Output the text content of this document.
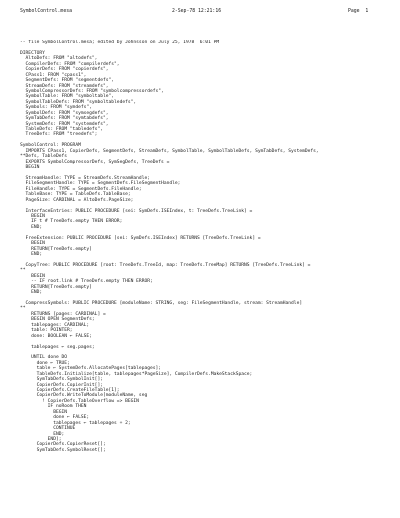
SymbolControl.mesa	2-Sep-78 12:21:16	Page 1
-- file SymbolControl.mesa; edited by Johnsson on July 25, 1978  6:01 PM
DIRECTORY
AltoDefs: FROM "altodefs",
CompilerDefs: FROM "compilerdefs",
CopierDefs: FROM "copierdefs",
CPass1: FROM "cpass1",
SegmentDefs: FROM "segmentdefs",
StreamDefs: FROM "streamdefs",
SymbolCompressorDefs: FROM "symbolcompressordefs",
SymbolTable: FROM "symboltable",
SymbolTableDefs: FROM "symboltabledefs",
Symbols: FROM "symdefs",
SymbolDefs: FROM "symsegdefs",
SymTabDefs: FROM "symtabdefs",
SystemDefs: FROM "systemdefs",
TableDefs: FROM "tabledefs",
TreeDefs: FROM "treedefs";
SymbolControl: PROGRAM
IMPORTS CPass1, CopierDefs, SegmentDefs, StreamDefs, SymbolTable, SymbolTableDefs, SymTabDefs, SystemDefs,
**Defs, TableDefs
EXPORTS SymbolCompressorDefs, SymSegDefs, TreeDefs =
BEGIN
StreamHandle: TYPE = StreamDefs.StreamHandle;
FileSegmentHandle: TYPE = SegmentDefs.FileSegmentHandle;
FileHandle: TYPE = SegmentDefs.FileHandle;
TableBase: TYPE = TableDefs.TableBase;
PageSize: CARDINAL = AltoDefs.PageSize;
InterfaceEntries: PUBLIC PROCEDURE [sei: SymDefs.ISEIndex, t: TreeDefs.TreeLink] =
BEGIN
IF t # TreeDefs.empty THEN ERROR;
END;
FreeExtension: PUBLIC PROCEDURE [sei: SymDefs.ISEIndex] RETURNS [TreeDefs.TreeLink] =
BEGIN
RETURN[TreeDefs.empty]
END;
CopyTree: PUBLIC PROCEDURE [root: TreeDefs.TreeId, map: TreeDefs.TreeMap] RETURNS [TreeDefs.TreeLink] =
**
BEGIN
-- IF root.link # TreeDefs.empty THEN ERROR;
RETURN[TreeDefs.empty]
END;
CompressSymbols: PUBLIC PROCEDURE [moduleName: STRING, seg: FileSegmentHandle, stream: StreamHandle]
**
RETURNS [pages: CARDINAL] =
BEGIN OPEN SegmentDefs;
tablepages: CARDINAL;
table: POINTER;
done: BOOLEAN ← FALSE;
tablepages ← seg.pages;
UNTIL done DO
done ← TRUE;
table ← SystemDefs.AllocatePages[tablepages];
TableDefs.Initialize[table, tablepages*PageSize], CompilerDefs.MakeStackSpace;
SymTabDefs.SymbolInit[];
CopierDefs.CopierInit[];
CopierDefs.CreateFileTable[1];
CopierDefs.WriteToModule[moduleName, seg
! CopierDefs.TableOverflow => BEGIN
IF noRoom THEN
BEGIN
done ← FALSE;
tablepages ← tablepages + 2;
CONTINUE
END;
END];
CopierDefs.CopierReset[];
SymTabDefs.SymbolReset[];
